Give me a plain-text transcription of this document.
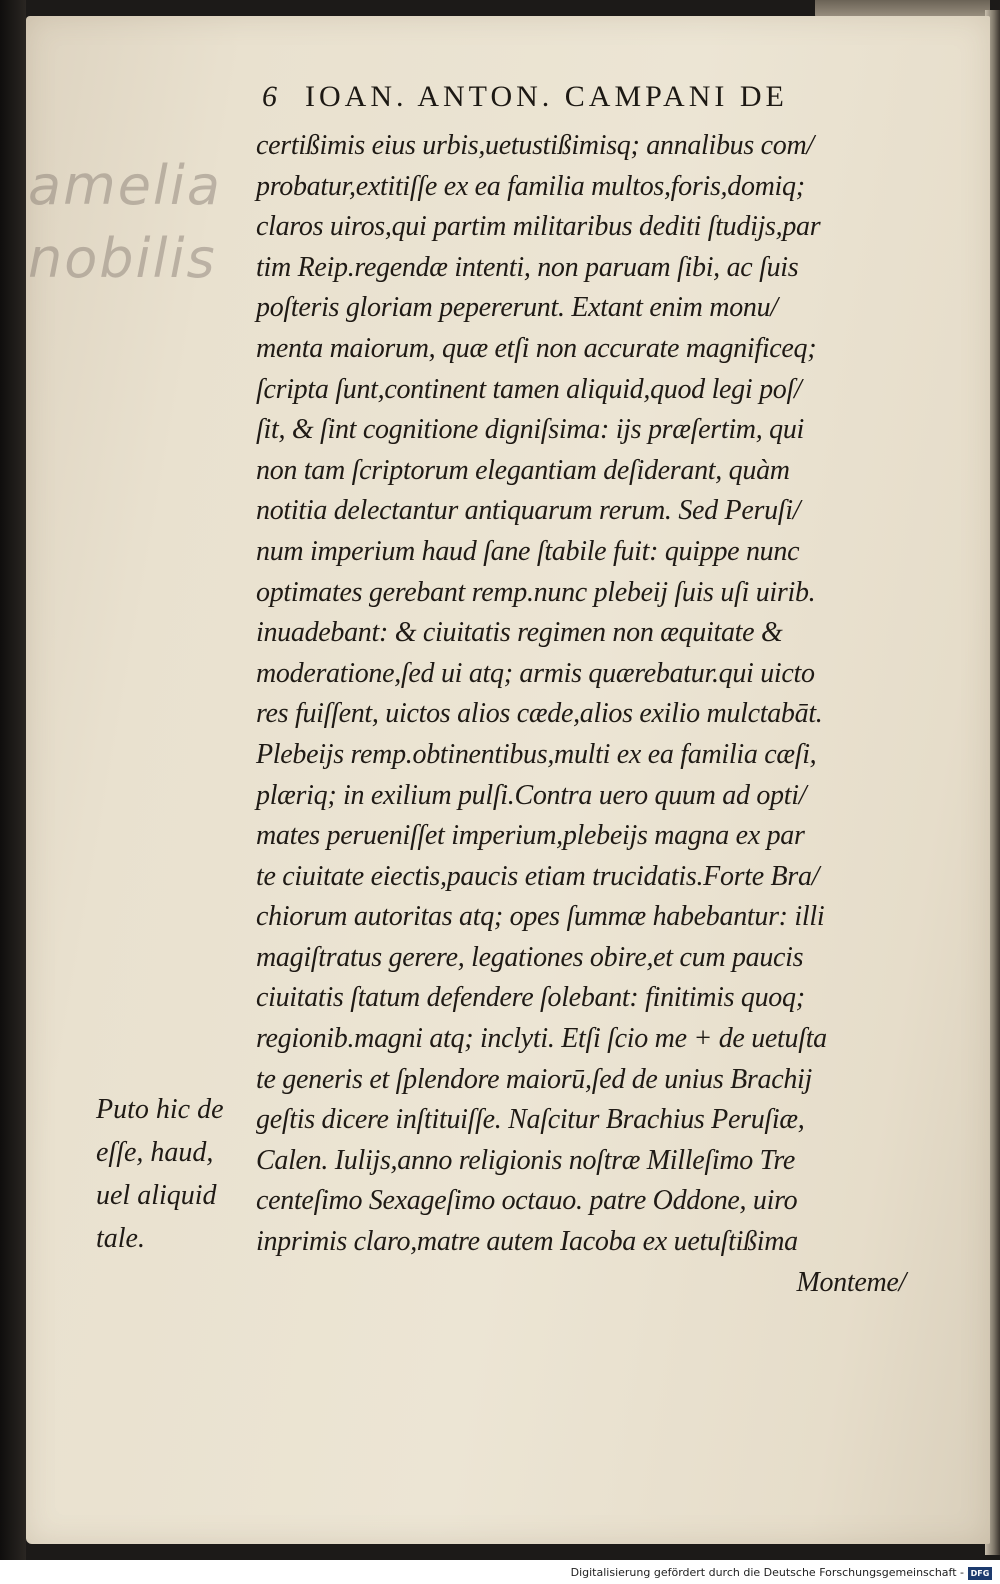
amelia
nobilis
6 IOAN. ANTON. CAMPANI DE
certißimis eius urbis,uetustißimisq; annalibus com/
probatur,extitiſſe ex ea familia multos,foris,domiq;
claros uiros,qui partim militaribus dediti ſtudijs,par
tim Reip.regendæ intenti, non paruam ſibi, ac ſuis
poſteris gloriam pepererunt. Extant enim monu/
menta maiorum, quæ etſi non accurate magnificeq;
ſcripta ſunt,continent tamen aliquid,quod legi poſ/
ſit, & ſint cognitione digniſsima: ijs præſertim, qui
non tam ſcriptorum elegantiam deſiderant, quàm
notitia delectantur antiquarum rerum. Sed Peruſi/
num imperium haud ſane ſtabile fuit: quippe nunc
optimates gerebant remp.nunc plebeij ſuis uſi uirib.
inuadebant: & ciuitatis regimen non æquitate &
moderatione,ſed ui atq; armis quærebatur.qui uicto
res fuiſſent, uictos alios cæde,alios exilio mulctabāt.
Plebeijs remp.obtinentibus,multi ex ea familia cæſi,
plæriq; in exilium pulſi.Contra uero quum ad opti/
mates perueniſſet imperium,plebeijs magna ex par
te ciuitate eiectis,paucis etiam trucidatis.Forte Bra/
chiorum autoritas atq; opes ſummæ habebantur: illi
magiſtratus gerere, legationes obire,et cum paucis
ciuitatis ſtatum defendere ſolebant: finitimis quoq;
regionib.magni atq; inclyti. Etſi ſcio me + de uetuſta
te generis et ſplendore maiorū,ſed de unius Brachij
geſtis dicere inſtituiſſe. Naſcitur Brachius Peruſiæ,
Calen. Iulijs,anno religionis noſtræ Milleſimo Tre
centeſimo Sexageſimo octauo. patre Oddone, uiro
inprimis claro,matre autem Iacoba ex uetuſtißima
Monteme/
Puto hic de
eſſe, haud,
uel aliquid
tale.
Digitalisierung gefördert durch die Deutsche Forschungsgemeinschaft - DFG
